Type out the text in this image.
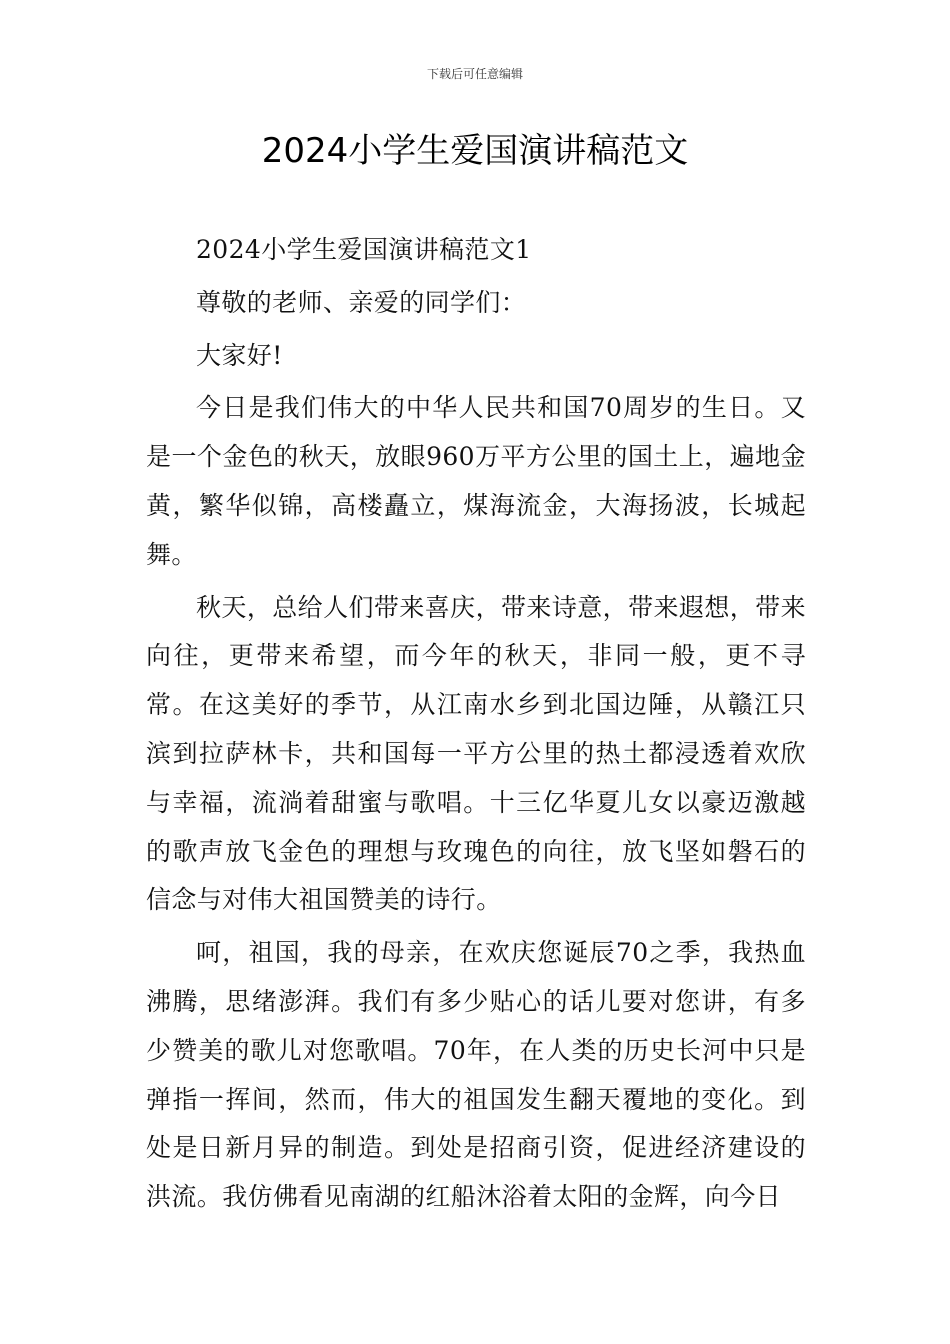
下载后可任意编辑
2024小学生爱国演讲稿范文

2024小学生爱国演讲稿范文1

尊敬的老师、亲爱的同学们：

大家好!

今日是我们伟大的中华人民共和国70周岁的生日。又是一个金色的秋天，放眼960万平方公里的国土上，遍地金黄，繁华似锦，高楼矗立，煤海流金，大海扬波，长城起舞。

秋天，总给人们带来喜庆，带来诗意，带来遐想，带来向往，更带来希望，而今年的秋天，非同一般，更不寻常。在这美好的季节，从江南水乡到北国边陲，从赣江只滨到拉萨林卡，共和国每一平方公里的热土都浸透着欢欣与幸福，流淌着甜蜜与歌唱。十三亿华夏儿女以豪迈激越的歌声放飞金色的理想与玫瑰色的向往，放飞坚如磐石的信念与对伟大祖国赞美的诗行。

呵，祖国，我的母亲，在欢庆您诞辰70之季，我热血沸腾，思绪澎湃。我们有多少贴心的话儿要对您讲，有多少赞美的歌儿对您歌唱。70年，在人类的历史长河中只是弹指一挥间，然而，伟大的祖国发生翻天覆地的变化。到处是日新月异的制造。到处是招商引资，促进经济建设的洪流。我仿佛看见南湖的红船沐浴着太阳的金辉，向今日
